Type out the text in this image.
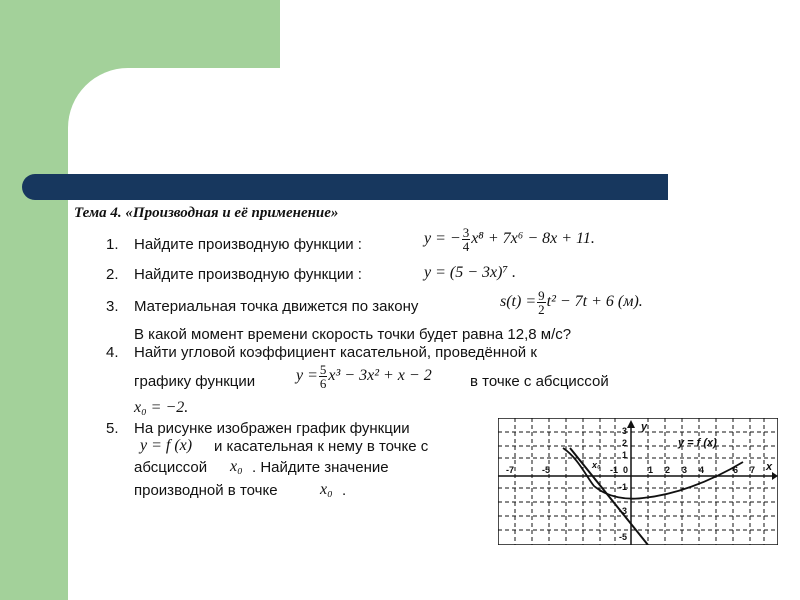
Тема 4. «Производная и её применение»
1. Найдите производную функции :	y = − $\frac{3}{4} x^8 + 7x^6 - 8x + 11$.
2. Найдите производную функции :	y = (5 − 3x)⁷ .
3. Материальная точка движется по закону	$s(t) = \frac{9}{2} t^2 - 7t + 6$ (м).
В какой момент времени скорость точки будет равна 12,8 м/с?
4. Найти угловой коэффициент касательной, проведённой к
графику функции	$y = \frac{5}{6} x^3 - 3x^2 + x - 2$	в точке с абсциссой
x₀ = −2.
5. На рисунке изображен график функции
y = f (x) и касательная к нему в точке с
абсциссой x₀ . Найдите значение
производной в точке	x₀ .
-7	-5	x₀ -1 0 1 2 3 4	6 7
3
2
1
-1
-3
-5
y
x
y = f (x)
